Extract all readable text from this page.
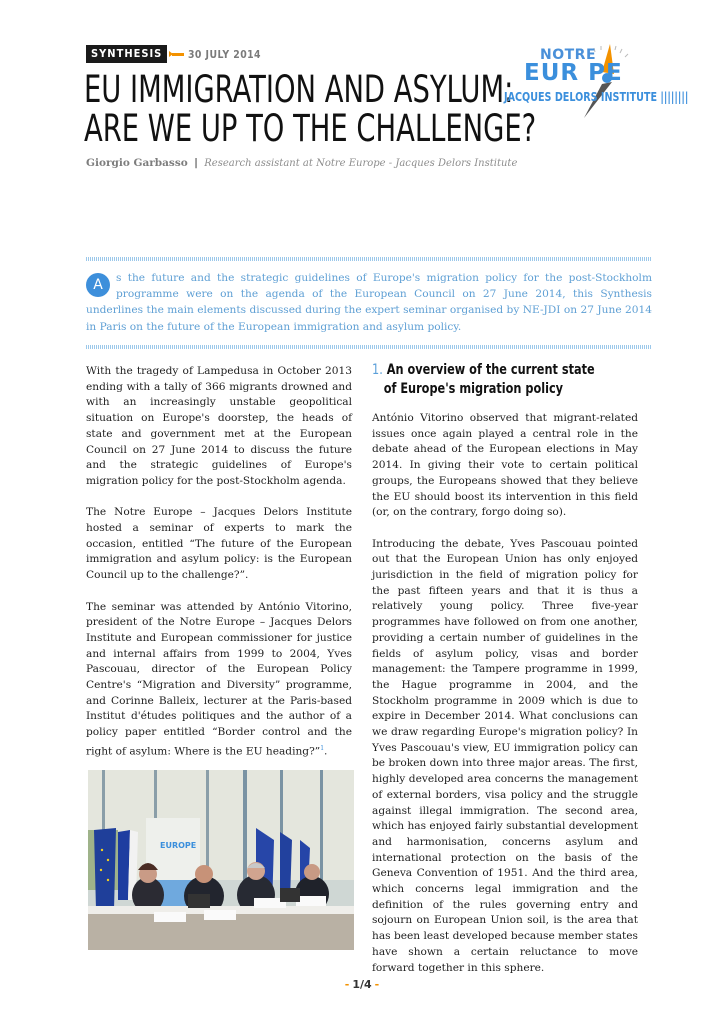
SYNTHESIS	30 JULY 2014
EU IMMIGRATION AND ASYLUM:
ARE WE UP TO THE CHALLENGE?
Giorgio Garbasso | Research assistant at Notre Europe - Jacques Delors Institute
NOTRE
EUR PE
JACQUES DELORS INSTITUTE ||||||||
A	s the future and the strategic guidelines of Europe's migration policy for the post-Stockholm programme were on the agenda of the European Council on 27 June 2014, this Synthesis underlines the main elements discussed during the expert seminar organised by NE-JDI on 27 June 2014 in Paris on the future of the European immigration and asylum policy.

With the tragedy of Lampedusa in October 2013 ending with a tally of 366 migrants drowned and with an increasingly unstable geopolitical situation on Europe's doorstep, the heads of state and government met at the European Council on 27 June 2014 to discuss the future and the strategic guidelines of Europe's migration policy for the post-Stockholm agenda.

The Notre Europe – Jacques Delors Institute hosted a seminar of experts to mark the occasion, entitled “The future of the European immigration and asylum policy: is the European Council up to the challenge?”.

The seminar was attended by António Vitorino, president of the Notre Europe – Jacques Delors Institute and European commissioner for justice and internal affairs from 1999 to 2004, Yves Pascouau, director of the European Policy Centre's “Migration and Diversity” programme, and Corinne Balleix, lecturer at the Paris-based Institut d'études politiques and the author of a policy paper entitled “Border control and the right of asylum: Where is the EU heading?”$^1$.

EUROPE
1. An overview of the current state
of Europe's migration policy

António Vitorino observed that migrant-related issues once again played a central role in the debate ahead of the European elections in May 2014. In giving their vote to certain political groups, the Europeans showed that they believe the EU should boost its intervention in this field (or, on the contrary, forgo doing so).

Introducing the debate, Yves Pascouau pointed out that the European Union has only enjoyed jurisdiction in the field of migration policy for the past fifteen years and that it is thus a relatively young policy. Three five-year programmes have followed on from one another, providing a certain number of guidelines in the fields of asylum policy, visas and border management: the Tampere programme in 1999, the Hague programme in 2004, and the Stockholm programme in 2009 which is due to expire in December 2014. What conclusions can we draw regarding Europe's migration policy? In Yves Pascouau's view, EU immigration policy can be broken down into three major areas. The first, highly developed area concerns the management of external borders, visa policy and the struggle against illegal immigration. The second area, which has enjoyed fairly substantial development and harmonisation, concerns asylum and international protection on the basis of the Geneva Convention of 1951. And the third area, which concerns legal immigration and the definition of the rules governing entry and sojourn on European Union soil, is the area that has been least developed because member states have shown a certain reluctance to move forward together in this sphere.

- 1/4 -
